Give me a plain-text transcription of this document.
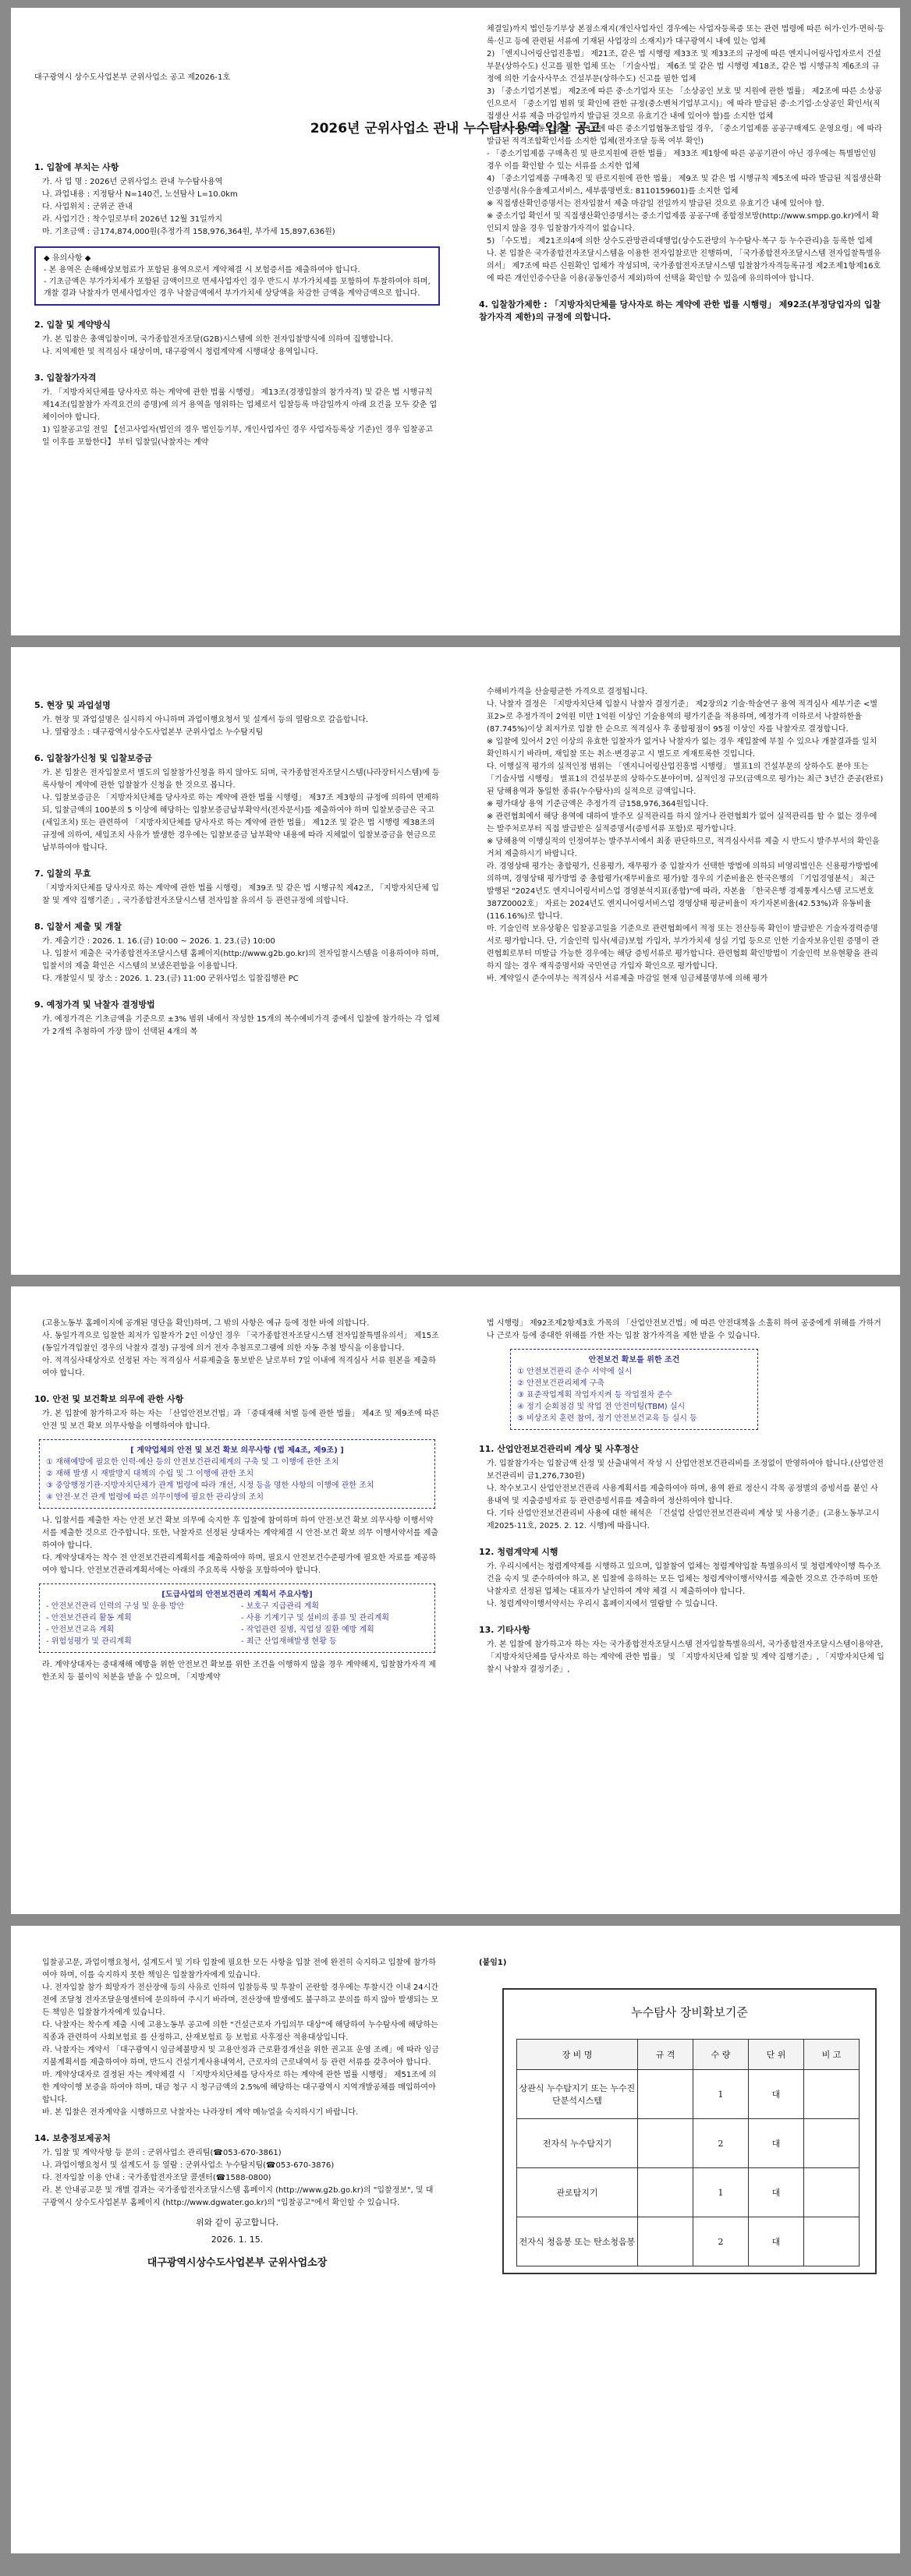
대구광역시 상수도사업본부 군위사업소 공고 제2026-1호
2026년 군위사업소 관내 누수탐사용역 입찰 공고
1. 입찰에 부치는 사항
가. 사 업 명 : 2026년 군위사업소 관내 누수탐사용역
나. 과업내용 : 지정탐사 N=140건, 노선탐사 L=10.0km
다. 사업위치 : 군위군 관내
라. 사업기간 : 착수일로부터 2026년 12월 31일까지
마. 기초금액 : 금174,874,000원(추정가격 158,976,364원, 부가세 15,897,636원)
◆ 유의사항 ◆
- 본 용역은 손해배상보험료가 포함된 용역으로서 계약체결 시 보험증서를 제출하여야 합니다.
- 기초금액은 부가가치세가 포함된 금액이므로 면세사업자인 경우 반드시 부가가치세를 포함하여 투찰하여야 하며, 개찰 결과 낙찰자가 면세사업자인 경우 낙찰금액에서 부가가치세 상당액을 차감한 금액을 계약금액으로 합니다.
2. 입찰 및 계약방식
가. 본 입찰은 총액입찰이며, 국가종합전자조달(G2B)시스템에 의한 전자입찰방식에 의하여 집행합니다.
나. 지역제한 및 적격심사 대상이며, 대구광역시 청렴계약제 시행대상 용역입니다.
3. 입찰참가자격
가. 「지방자치단체를 당사자로 하는 계약에 관한 법률 시행령」 제13조(경쟁입찰의 참가자격) 및 같은 법 시행규칙 제14조(입찰참가 자격요건의 증명)에 의거 용역을 영위하는 업체로서 입찰등록 마감일까지 아래 요건을 모두 갖춘 업체이어야 합니다.
1) 입찰공고일 전일 【선고사업자(법인의 경우 법인등기부, 개인사업자인 경우 사업자등록상 기준)인 경우 입찰공고일 이후를 포함한다】 부터 입찰일(낙찰자는 계약
체결일)까지 법인등기부상 본점소재지(개인사업자인 경우에는 사업자등록증 또는 관련 법령에 따른 허가·인가·면허·등록·신고 등에 관련된 서류에 기재된 사업장의 소재지)가 대구광역시 내에 있는 업체
2) 「엔지니어링산업진흥법」 제21조, 같은 법 시행령 제33조 및 제33조의 규정에 따른 엔지니어링사업자로서 건설부문(상하수도) 신고를 필한 업체 또는 「기술사법」 제6조 및 같은 법 시행령 제18조, 같은 법 시행규칙 제6조의 규정에 의한 기술사사무소 건설부문(상하수도) 신고를 필한 업체
3) 「중소기업기본법」 제2조에 따른 중·소기업자 또는 「소상공인 보호 및 지원에 관한 법률」 제2조에 따른 소상공인으로서 「중소기업 범위 및 확인에 관한 규정(중소벤처기업부고시)」에 따라 발급된 중·소기업·소상공인 확인서(직접생산 서류 제출 마감일까지 발급된 것으로 유효기간 내에 있어야 함)를 소지한 업체
- 「중소기업협동조합법」 제3조에 따른 중소기업협동조합일 경우, 「중소기업제품 공공구매제도 운영요령」에 따라 발급된 적격조합확인서를 소지한 업체(전자조달 등록 여부 확인)
- 「중소기업제품 구매촉진 및 판로지원에 관한 법률」 제33조 제1항에 따른 공공기관이 아닌 경우에는 특별법인임 경우 이를 확인할 수 있는 서류를 소지한 업체
4) 「중소기업제품 구매촉진 및 판로지원에 관한 법률」 제9조 및 같은 법 시행규칙 제5조에 따라 발급된 직접생산확인증명서(유수율제고서비스, 세부품명번호: 8110159601)를 소지한 업체
※ 직접생산확인증명서는 전자입찰서 제출 마감일 전일까지 발급된 것으로 유효기간 내에 있어야 함.
※ 중소기업 확인서 및 직접생산확인증명서는 중소기업제품 공공구매 종합정보망(http://www.smpp.go.kr)에서 확인되지 않을 경우 입찰참가자격이 없습니다.
5) 「수도법」 제21조의4에 의한 상수도관망관리대행업(상수도관망의 누수탐사·복구 등 누수관리)을 등록한 업체
나. 본 입찰은 국가종합전자조달시스템을 이용한 전자입찰로만 진행하며, 「국가종합전자조달시스템 전자입찰특별유의서」 제7조에 따른 신원확인 업체가 작성되며, 국가종합전자조달시스템 입찰참가자격등록규정 제2조제1항제16호에 따른 개인인증수단을 이용(공동인증서 제외)하여 선택을 확인할 수 있음에 유의하여야 합니다.
4. 입찰참가제한 : 「지방자치단체를 당사자로 하는 계약에 관한 법률 시행령」 제92조(부정당업자의 입찰 참가자격 제한)의 규정에 의합니다.
5. 현장 및 과업설명
가. 현장 및 과업설명은 실시하지 아니하며 과업이행요청서 및 설계서 등의 열람으로 갈음합니다.
나. 열람장소 : 대구광역시상수도사업본부 군위사업소 누수탐지팀
6. 입찰참가신청 및 입찰보증금
가. 본 입찰은 전자입찰로서 별도의 입찰참가신청을 하지 않아도 되며, 국가종합전자조달시스템(나라장터시스템)에 등록사항이 계약에 관한 입찰참가 신청을 한 것으로 봅니다.
나. 입찰보증금은 「지방자치단체를 당사자로 하는 계약에 관한 법률 시행령」 제37조 제3항의 규정에 의하여 면제하되, 입찰금액의 100분의 5 이상에 해당하는 입찰보증금납부확약서(전자문서)를 제출하여야 하며 입찰보증금은 국고(세입조치) 또는 관련하여 「지방자치단체를 당사자로 하는 계약에 관한 법률」 제12조 및 같은 법 시행령 제38조의 규정에 의하여, 세입조치 사유가 발생한 경우에는 입찰보증금 납부확약 내용에 따라 지체없이 입찰보증금을 현금으로 납부하여야 합니다.
7. 입찰의 무효
「지방자치단체를 당사자로 하는 계약에 관한 법률 시행령」 제39조 및 같은 법 시행규칙 제42조, 「지방자치단체 입찰 및 계약 집행기준」, 국가종합전자조달시스템 전자입찰 유의서 등 관련규정에 의합니다.
8. 입찰서 제출 및 개찰
가. 제출기간 : 2026. 1. 16.(금) 10:00 ~ 2026. 1. 23.(금) 10:00
나. 입찰서 제출은 국가종합전자조달시스템 홈페이지(http://www.g2b.go.kr)의 전자입찰시스템을 이용하여야 하며, 입찰서의 제출 확인은 시스템의 보냈은편함을 이용합니다.
다. 개찰일시 및 장소 : 2026. 1. 23.(금) 11:00 군위사업소 입찰집행관 PC
9. 예정가격 및 낙찰자 결정방법
가. 예정가격은 기초금액을 기준으로 ±3% 범위 내에서 작성한 15개의 복수예비가격 중에서 입찰에 참가하는 각 업체가 2개씩 추첨하여 가장 많이 선택된 4개의 복
수해비가격을 산술평균한 가격으로 결정됩니다.
나. 낙찰자 결정은 「지방자치단체 입찰시 낙찰자 결정기준」 제2장의2 기술·학술연구 용역 적격심사 세부기준 <별표2>로 추정가격이 2억원 미만 1억원 이상인 기술용역의 평가기준을 적용하며, 예정가격 이하로서 낙찰하한율(87.745%)이상 최저가로 입찰 한 순으로 적격심사 후 종합평점이 95점 이상인 자를 낙찰자로 결정합니다.
※ 입찰에 있어서 2인 이상의 유효한 입찰자가 없거나 낙찰자가 없는 경우 재입찰에 부칠 수 있으나 개찰결과를 일치 확인하시기 바라며, 재입찰 또는 취소·변경공고 시 별도로 게재토록한 것입니다.
다. 이행실적 평가의 실적인정 범위는 「엔지니어링산업진흥법 시행령」 별표1의 건설부문의 상하수도 분야 또는 「기술사법 시행령」 별표1의 건설부문의 상하수도분야이며, 실적인정 규모(금액으로 평가)는 최근 3년간 준공(완료)된 당해용역과 동일한 종류(누수탐사)의 실적으로 금액입니다.
※ 평가대상 용역 기준금액은 추정가격 금158,976,364원입니다.
※ 관련협회에서 해당 용역에 대하여 발주모 실적관리를 하지 않거나 관련협회가 없어 실적관리를 할 수 없는 경우에는 발주처로부터 직접 발급받은 실적증명서(증빙서류 포함)로 평가합니다.
※ 당해용역 이행실적의 인정여부는 발주부서에서 최종 판단하므로, 적격심사서류 제출 시 반드시 발주부서의 확인을 거쳐 제출하시기 바랍니다.
라. 경영상태 평가는 총합평가, 신용평가, 재무평가 중 입찰자가 선택한 방법에 의하되 비영리법인은 신용평가방법에 의하며, 경영상태 평가방법 중 총합평가(재무비율로 평가)할 경우의 기준비율은 한국은행의 「기업경영분석」 최근 발행된 "2024년도 엔지니어링서비스업 경영분석지표(종합)"에 따라, 자본율 「한국은행 경제통계시스템 코드번호 387Z0002호」 자료는 2024년도 엔지니어링서비스업 경영상태 평균비율이 자기자본비율(42.53%)과 유동비율(116.16%)로 합니다.
마. 기술인력 보유상황은 입찰공고일을 기준으로 관련협회에서 적정 또는 전산등록 확인이 발급받은 기술자경력증명서로 평가합니다. 단, 기술인력 입사(세금)보험 가입자, 부가가치세 성실 기업 등으로 인한 기술자보유인원 증명이 관련협회로부터 미발급 가능한 경우에는 해당 증빙서류로 평가합니다. 관련협회 확인방법이 기술인력 보유현황을 관리하지 않는 경우 재직증명서와 국민연금 가입자 확인으로 평가합니다.
바. 계약일시 준수여부는 적격심사 서류제출 마감일 현재 임금체불명부에 의해 평가
(고용노동부 홈페이지에 공개된 명단을 확인)하며, 그 밖의 사항은 예규 등에 정한 바에 의합니다.
사. 동일가격으로 입찰한 최저가 입찰자가 2인 이상인 경우 「국가종합전자조달시스템 전자입찰특별유의서」 제15조(동일가격입찰인 경우의 낙찰자 결정) 규정에 의거 전자 추첨프로그램에 의한 자동 추첨 방식을 이용합니다.
아. 적격심사대상자로 선정된 자는 적격심사 서류제출을 통보받은 날로부터 7일 이내에 적격심사 서류 원본을 제출하여야 합니다.
10. 안전 및 보건확보 의무에 관한 사항
가. 본 입찰에 참가하고자 하는 자는 「산업안전보건법」과 「중대재해 처벌 등에 관한 법률」 제4조 및 제9조에 따른 안전 및 보건 확보 의무사항을 이행하여야 합니다.
[ 계약업체의 안전 및 보건 확보 의무사항 (법 제4조, 제9조) ]
① 재해예방에 필요한 인력·예산 등의 안전보건관리체계의 구축 및 그 이행에 관한 조치
② 재해 발생 시 재발방지 대책의 수립 및 그 이행에 관한 조치
③ 중앙행정기관·지방자치단체가 관계 법령에 따라 개선, 시정 등을 명한 사항의 이행에 관한 조치
④ 안전·보건 관계 법령에 따른 의무이행에 필요한 관리상의 조치
나. 입찰서를 제출한 자는 안전 보건 확보 의무에 숙지한 후 입찰에 참여하며 하여 안전·보건 확보 의무사항 이행서약서를 제출한 것으로 간주합니다. 또한, 낙찰자로 선정된 상대자는 계약체결 시 안전·보건 확보 의무 이행서약서를 제출하여야 합니다.
다. 계약상대자는 착수 전 안전보건관리계획서를 제출하여야 하며, 필요시 안전보건수준평가에 필요한 자료를 제공하여야 합니다. 안전보건관리계획서에는 아래의 주요목록 사항을 포함하여야 합니다.
[도급사업의 안전보건관리 계획서 주요사항]
- 안전보건관리 인력의 구성 및 운용 방안
- 안전보건관리 활동 계획
- 안전보건교육 계획
- 위험성평가 및 관리계획
- 보호구 지급관리 계획
- 사용 기계기구 및 설비의 종류 및 관리계획
- 작업관련 질병, 직업성 질환 예방 계획
- 최근 산업재해발생 현황 등
라. 계약상대자는 중대재해 예방을 위한 안전보건 확보를 위한 조건을 이행하지 않을 경우 계약해지, 입찰참가자격 제한조치 등 불이익 처분을 받을 수 있으며, 「지방계약
법 시행령」 제92조제2항제3호 가목의 「산업안전보건법」에 따른 안전대책을 소홀히 하여 공중에게 위해를 가하거나 근로자 등에 중대한 위해를 가한 자는 입찰 참가자격을 제한 받을 수 있습니다.
안전보건 확보를 위한 조건
① 안전보건관리 준수 서약에 실시
② 안전보건관리체계 구축
③ 표준작업계획 작업자지켜 등 작업절차 준수
④ 정기 순회점검 및 작업 전 안전미팅(TBM) 실시
⑤ 비상조치 훈련 참여, 정기 안전보건교육 등 실시 등
11. 산업안전보건관리비 계상 및 사후정산
가. 입찰참가자는 입찰금액 산정 및 산출내역서 작성 시 산업안전보건관리비를 조정없이 반영하여야 합니다.(산업안전보건관리비 금1,276,730원)
나. 착수보고시 산업안전보건관리 사용계획서를 제출하여야 하며, 용역 완료 정산시 각목 공정별의 증빙서를 붙인 사용내역 및 지출증빙자료 등 관련증빙서류를 제출하여 정산하여야 합니다.
다. 기타 산업안전보건관리비 사용에 대한 해석은 「건설업 산업안전보건관리비 계상 및 사용기준」(고용노동부고시 제2025-11호, 2025. 2. 12. 시행)에 따릅니다.
12. 청렴계약제 시행
가. 우리시에서는 청렴계약제를 시행하고 있으며, 입찰참여 업체는 청렴계약입찰 특별유의서 및 청렴계약이행 특수조건을 숙지 및 준수하여야 하고, 본 입찰에 응하하는 모든 업체는 청렴계약이행서약서를 제출한 것으로 간주하며 또한 낙찰자로 선정된 업체는 대표자가 날인하여 계약 체결 시 제출하여야 합니다.
나. 청렴계약이행서약서는 우리시 홈페이지에서 열람할 수 있습니다.
13. 기타사항
가. 본 입찰에 참가하고자 하는 자는 국가종합전자조달시스템 전자입찰특별유의서, 국가종합전자조달시스템이용약관, 「지방자치단체를 당사자로 하는 계약에 관한 법률」 및 「지방자치단체 입찰 및 계약 집행기준」, 「지방자치단체 입찰시 낙찰자 결정기준」,
입찰공고문, 과업이행요청서, 설계도서 및 기타 입찰에 필요한 모든 사항을 입찰 전에 완전히 숙지하고 입찰에 참가하여야 하며, 이를 숙지하지 못한 책임은 입찰참가자에게 있습니다.
나. 전자입찰 참가 희망자가 전산장애 등의 사유로 인하여 입찰등록 및 투찰이 곤란할 경우에는 투찰시간 이내 24시간 전에 조달청 전자조달운영센터에 문의하여 주시기 바라며, 전산장애 발생에도 불구하고 문의를 하지 않아 발생되는 모든 책임은 입찰참가자에게 있습니다.
다. 낙찰자는 착수계 제출 시에 고용노동부 공고에 의한 "건설근로자 가입의무 대상"에 해당하여 누수탐사에 해당하는 직종과 관련하여 사회보험료 를 산정하고, 산재보험료 등 보험료 사후정산 적용대상입니다.
라. 낙찰자는 계약서 「대구광역시 임금체불방지 및 고용안정과 근로환경개선을 위한 권고표 운영 조례」에 따라 임금지불계획서를 제출하여야 하며, 반드시 건설기계사용내역서, 근로자의 근로내역서 등 관련 서류를 갖추어야 합니다.
마. 계약상대자로 결정된 자는 계약체결 시 「지방자치단체를 당사자로 하는 계약에 관한 법률 시행령」 제51조에 의한 계약이행 보증을 하여야 하며, 대금 청구 시 청구금액의 2.5%에 해당하는 대구광역시 지역개발공채를 매입하여야 합니다.
바. 본 입찰은 전자계약을 시행하므로 낙찰자는 나라장터 계약 메뉴얼을 숙지하시기 바랍니다.
14. 보충정보제공처
가. 입찰 및 계약사항 등 문의 : 군위사업소 관리팀(☎053-670-3861)
나. 과업이행요청서 및 설계도서 등 열람 : 군위사업소 누수탐지팀(☎053-670-3876)
다. 전자입찰 이용 안내 : 국가종합전자조달 콜센터(☎1588-0800)
라. 본 안내공고문 및 개별 결과는 국가종합전자조달시스템 홈페이지 (http://www.g2b.go.kr)의 "입찰정보", 및 대구광역시 상수도사업본부 홈페이지 (http://www.dgwater.go.kr)의 "입찰공고"에서 확인할 수 있습니다.
위와 같이 공고합니다.
2026. 1. 15.
대구광역시상수도사업본부 군위사업소장
(붙임1)
누수탐사 장비확보기준
장 비 명	규 격	수 량	단 위	비 고
상관식 누수탐지기 또는 누수진단분석시스템		1	대	
전자식 누수탐지기		2	대	
관로탐지기		1	대	
전자식 청음봉 또는 탄소청음봉		2	대	
